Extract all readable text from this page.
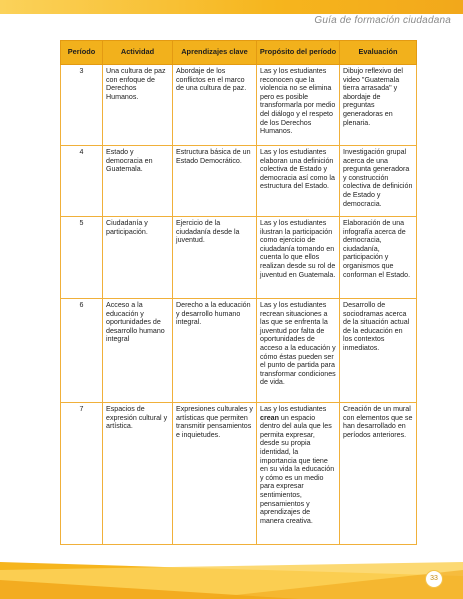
Guía de formación ciudadana
Período	Actividad	Aprendizajes clave	Propósito del período	Evaluación
3	Una cultura de paz con enfoque de Derechos Humanos.	Abordaje de los conflictos en el marco de una cultura de paz.	Las y los estudiantes reconocen que la violencia no se elimina pero es posible transformarla por medio del diálogo y el respeto de los Derechos Humanos.	Dibujo reflexivo del video "Guatemala tierra arrasada" y abordaje de preguntas generadoras en plenaria.
4	Estado y democracia en Guatemala.	Estructura básica de un Estado Democrático.	Las y los estudiantes elaboran una definición colectiva de Estado y democracia así como la estructura del Estado.	Investigación grupal acerca de una pregunta generadora y construcción colectiva de definición de Estado y democracia.
5	Ciudadanía y participación.	Ejercicio de la ciudadanía desde la juventud.	Las y los estudiantes ilustran la participación como ejercicio de ciudadanía tomando en cuenta lo que ellos realizan desde su rol de juventud en Guatemala.	Elaboración de una infografía acerca de democracia, ciudadanía, participación y organismos que conforman el Estado.
6	Acceso a la educación y oportunidades de desarrollo humano integral	Derecho a la educación y desarrollo humano integral.	Las y los estudiantes recrean situaciones a las que se enfrenta la juventud por falta de oportunidades de acceso a la educación y cómo éstas pueden ser el punto de partida para transformar condiciones de vida.	Desarrollo de sociodramas acerca de la situación actual de la educación en los contextos inmediatos.
7	Espacios de expresión cultural y artística.	Expresiones culturales y artísticas que permiten transmitir pensamientos e inquietudes.	Las y los estudiantes crean un espacio dentro del aula que les permita expresar, desde su propia identidad, la importancia que tiene en su vida la educación y cómo es un medio para expresar sentimientos, pensamientos y aprendizajes de manera creativa.	Creación de un mural con elementos que se han desarrollado en períodos anteriores.
33
